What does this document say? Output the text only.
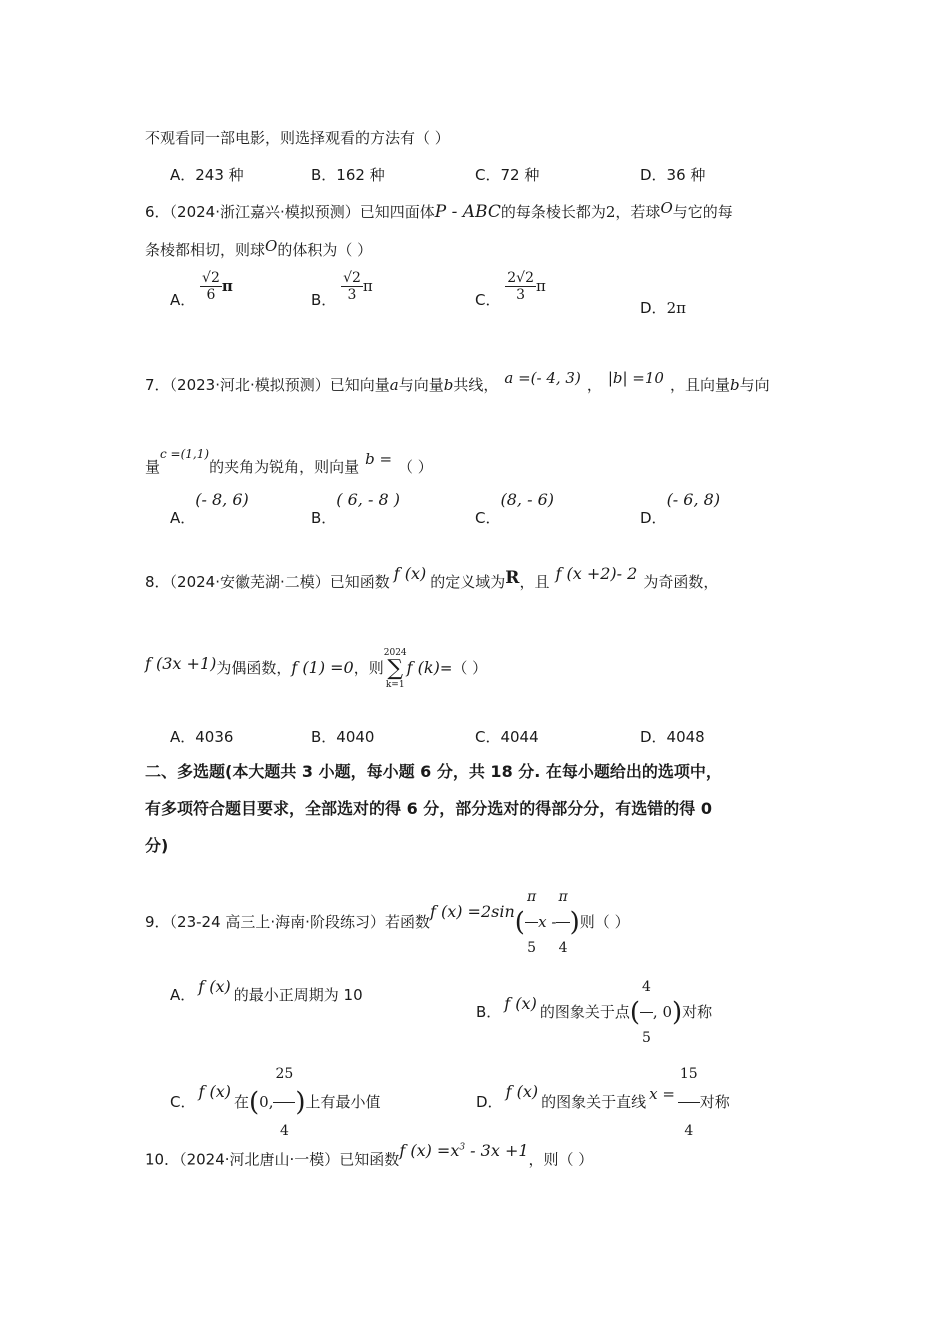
不观看同一部电影，则选择观看的方法有（ ）
A．243 种	B．162 种	C．72 种	D．36 种
6．（2024·浙江嘉兴·模拟预测）已知四面体P - ABC的每条棱长都为2，若球O与它的每
条棱都相切，则球O的体积为（ ）
A． $\frac{√2}{6}$ π
B． $\frac{√2}{3}$ π
C． $\frac{2√2}{3}$ π
D．2π
7．（2023·河北·模拟预测）已知向量a与向量b共线， a =(- 4, 3) ， |b| =10 ，且向量b与向
量$^{c =(1,1)}$的夹角为锐角，则向量 b = （ ）
A．(- 8, 6)
B．( 6, - 8 )
C．(8, - 6)
D．(- 6, 8)
8．（2024·安徽芜湖·二模）已知函数 f (x) 的定义域为R，且 f (x +2)- 2 为奇函数，
f (3x +1)为偶函数，f (1) =0，则
2024
∑
k=1
f (k)=（ ）
A．4036	B．4040	C．4044	D．4048
二、多选题(本大题共 3 小题，每小题 6 分，共 18 分. 在每小题给出的选项中，
有多项符合题目要求，全部选对的得 6 分，部分选对的得部分分，有选错的得 0
分)
9．（23-24 高三上·海南·阶段练习）若函数f $(x) =2\sin( \frac{\pi}{5}$ x - $\frac{\pi}{4}$ )则（ ）
A． f (x) 的最小正周期为 10
B． f (x) 的图象关于点( $\frac{4}{5}$ , 0)对称
C．f (x)在(0, $\frac{25}{4}$ )上有最小值	D．f (x)的图象关于直线 $x = \frac{15}{4}$ 对称
10．（2024·河北唐山·一模）已知函数f $(x) =x^3 - 3x +1$，则（ ）
